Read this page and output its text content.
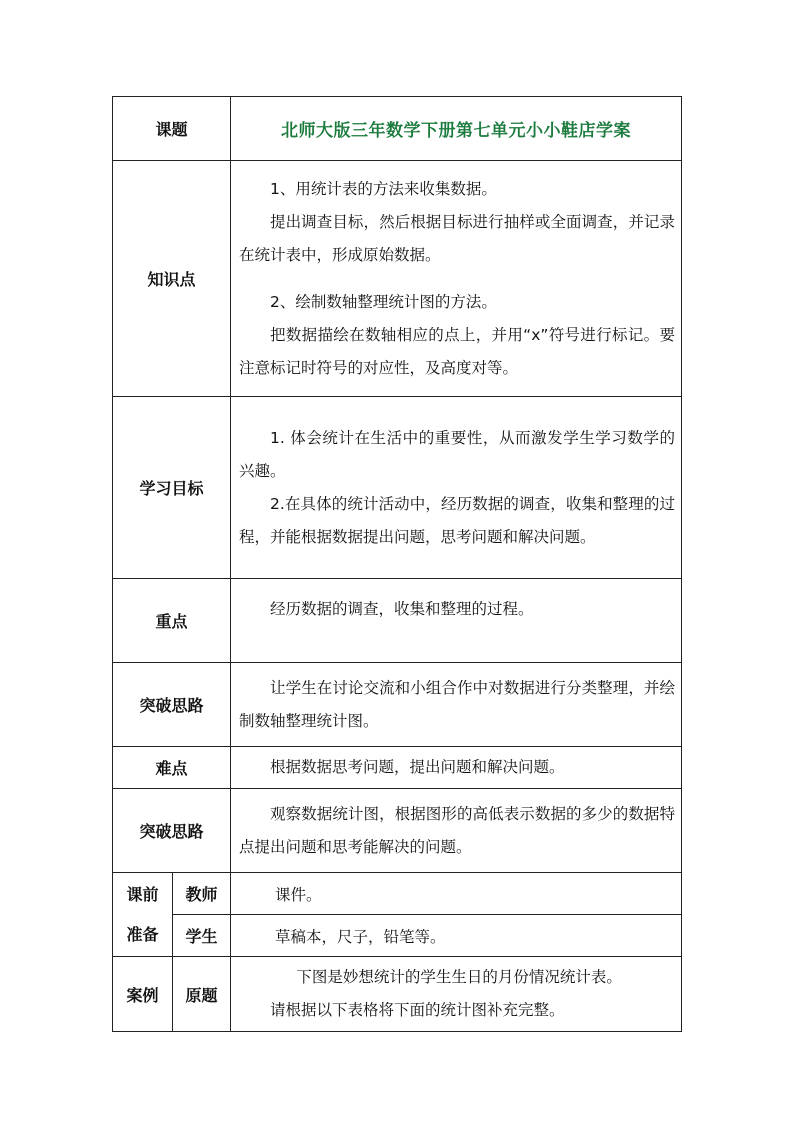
课题		北师大版三年数学下册第七单元小小鞋店学案
知识点		1、用统计表的方法来收集数据。

提出调查目标，然后根据目标进行抽样或全面调查，并记录在统计表中，形成原始数据。

2、绘制数轴整理统计图的方法。

把数据描绘在数轴相应的点上，并用“x”符号进行标记。要注意标记时符号的对应性，及高度对等。

学习目标		1. 体会统计在生活中的重要性，从而激发学生学习数学的兴趣。

2.在具体的统计活动中，经历数据的调查，收集和整理的过程，并能根据数据提出问题，思考问题和解决问题。

重点		经历数据的调查，收集和整理的过程。

突破思路		让学生在讨论交流和小组合作中对数据进行分类整理，并绘制数轴整理统计图。

难点		根据数据思考问题，提出问题和解决问题。

突破思路		观察数据统计图，根据图形的高低表示数据的多少的数据特点提出问题和思考能解决的问题。

课前
准备	教师	课件。
	学生	草稿本，尺子，铅笔等。
案例	原题	下图是妙想统计的学生生日的月份情况统计表。

请根据以下表格将下面的统计图补充完整。
